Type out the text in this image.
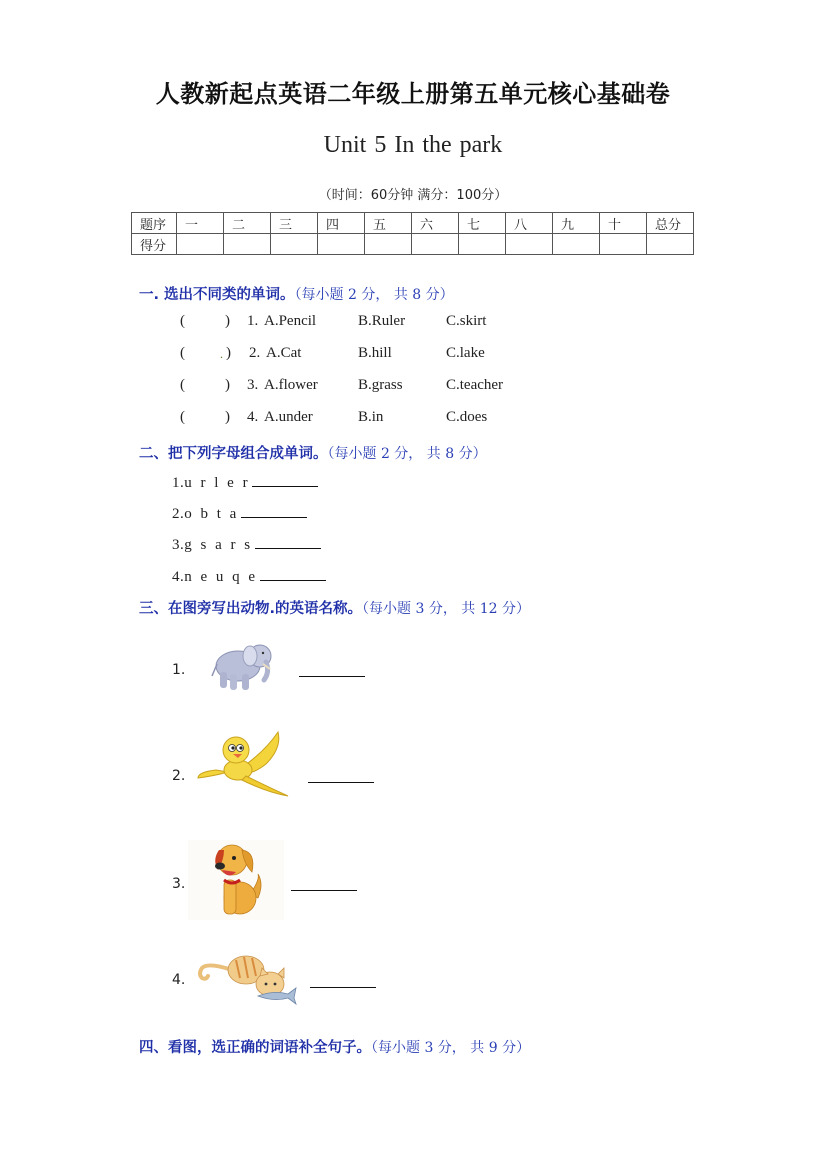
人教新起点英语二年级上册第五单元核心基础卷
Unit 5 In the park
（时间：60分钟 满分：100分）
题序	一	二	三	四	五	六	七	八	九	十	总分
得分											
一. 选出不同类的单词。（每小题 2 分， 共 8 分）
(	) 1. A.Pencil	B.Ruler	C.skirt
(	. ) 2. A.Cat	B.hill	C.lake
(	) 3. A.flower	B.grass	C.teacher
(	) 4. A.under	B.in	C.does
二、把下列字母组合成单词。（每小题 2 分， 共 8 分）
1.u r l e r
2.o b t a
3.g s a r s
4.n e u q e
三、在图旁写出动物.的英语名称。（每小题 3 分， 共 12 分）
1.
2.
3.
4.
四、看图，选正确的词语补全句子。（每小题 3 分， 共 9 分）
